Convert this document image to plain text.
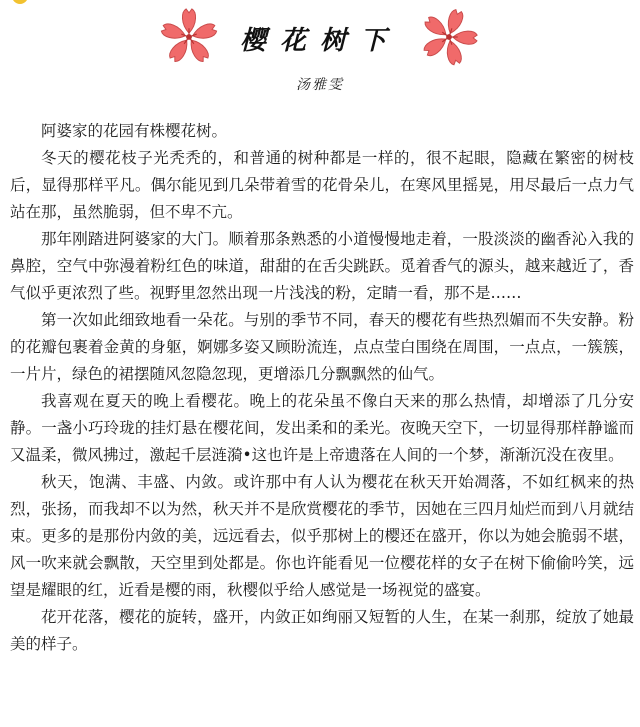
樱花树下
汤雅雯

阿婆家的花园有株樱花树。

冬天的樱花枝子光秃秃的，和普通的树种都是一样的，很不起眼，隐藏在繁密的树枝后，显得那样平凡。偶尔能见到几朵带着雪的花骨朵儿，在寒风里摇晃，用尽最后一点力气站在那，虽然脆弱，但不卑不亢。

那年刚踏进阿婆家的大门。顺着那条熟悉的小道慢慢地走着，一股淡淡的幽香沁入我的鼻腔，空气中弥漫着粉红色的味道，甜甜的在舌尖跳跃。觅着香气的源头，越来越近了，香气似乎更浓烈了些。视野里忽然出现一片浅浅的粉，定睛一看，那不是……

第一次如此细致地看一朵花。与别的季节不同，春天的樱花有些热烈媚而不失安静。粉的花瓣包裹着金黄的身躯，婀娜多姿又顾盼流连，点点莹白围绕在周围，一点点，一簇簇，一片片，绿色的裙摆随风忽隐忽现，更增添几分飘飘然的仙气。

我喜观在夏天的晚上看樱花。晚上的花朵虽不像白天来的那么热情，却增添了几分安静。一盏小巧玲珑的挂灯悬在樱花间，发出柔和的柔光。夜晚天空下，一切显得那样静谧而又温柔，微风拂过，激起千层涟漪•这也许是上帝遗落在人间的一个梦，渐渐沉没在夜里。

秋天，饱满、丰盛、内敛。或许那中有人认为樱花在秋天开始凋落，不如红枫来的热烈，张扬，而我却不以为然，秋天并不是欣赏樱花的季节，因她在三四月灿烂而到八月就结束。更多的是那份内敛的美，远远看去，似乎那树上的樱还在盛开，你以为她会脆弱不堪，风一吹来就会飘散，天空里到处都是。你也许能看见一位樱花样的女子在树下偷偷吟笑，远望是耀眼的红，近看是樱的雨，秋樱似乎给人感觉是一场视觉的盛宴。

花开花落，樱花的旋转，盛开，内敛正如绚丽又短暂的人生，在某一刹那，绽放了她最美的样子。
